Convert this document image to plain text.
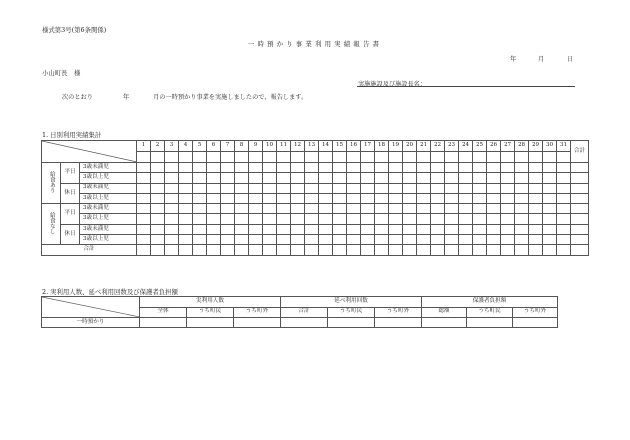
様式第3号(第6条関係)
一時預かり事業利用実績報告書
年	月	日
小山町長　様
実施施設及び施設長名：
次のとおり	年	月の一時預かり事業を実施しましたので、報告します。
1. 日別利用実績集計
	1	2	3	4	5	6	7	8	9	10	11	12	13	14	15	16	17	18	19	20	21	22	23	24	25	26	27	28	29	30	31	合計

給食あり	平日	3歳未満児																																
		3歳以上児																																
	休日	3歳未満児																																
		3歳以上児																																
給食なし	平日	3歳未満児																																
		3歳以上児																																
	休日	3歳未満児																																
		3歳以上児																																
合計																																		
2. 実利用人数、延べ利用回数及び保護者負担額
	実利用人数			延べ利用回数			保護者負担額		
	全体	うち町民	うち町外	合計	うち町民	うち町外	総額	うち町民	うち町外
一時預かり									
